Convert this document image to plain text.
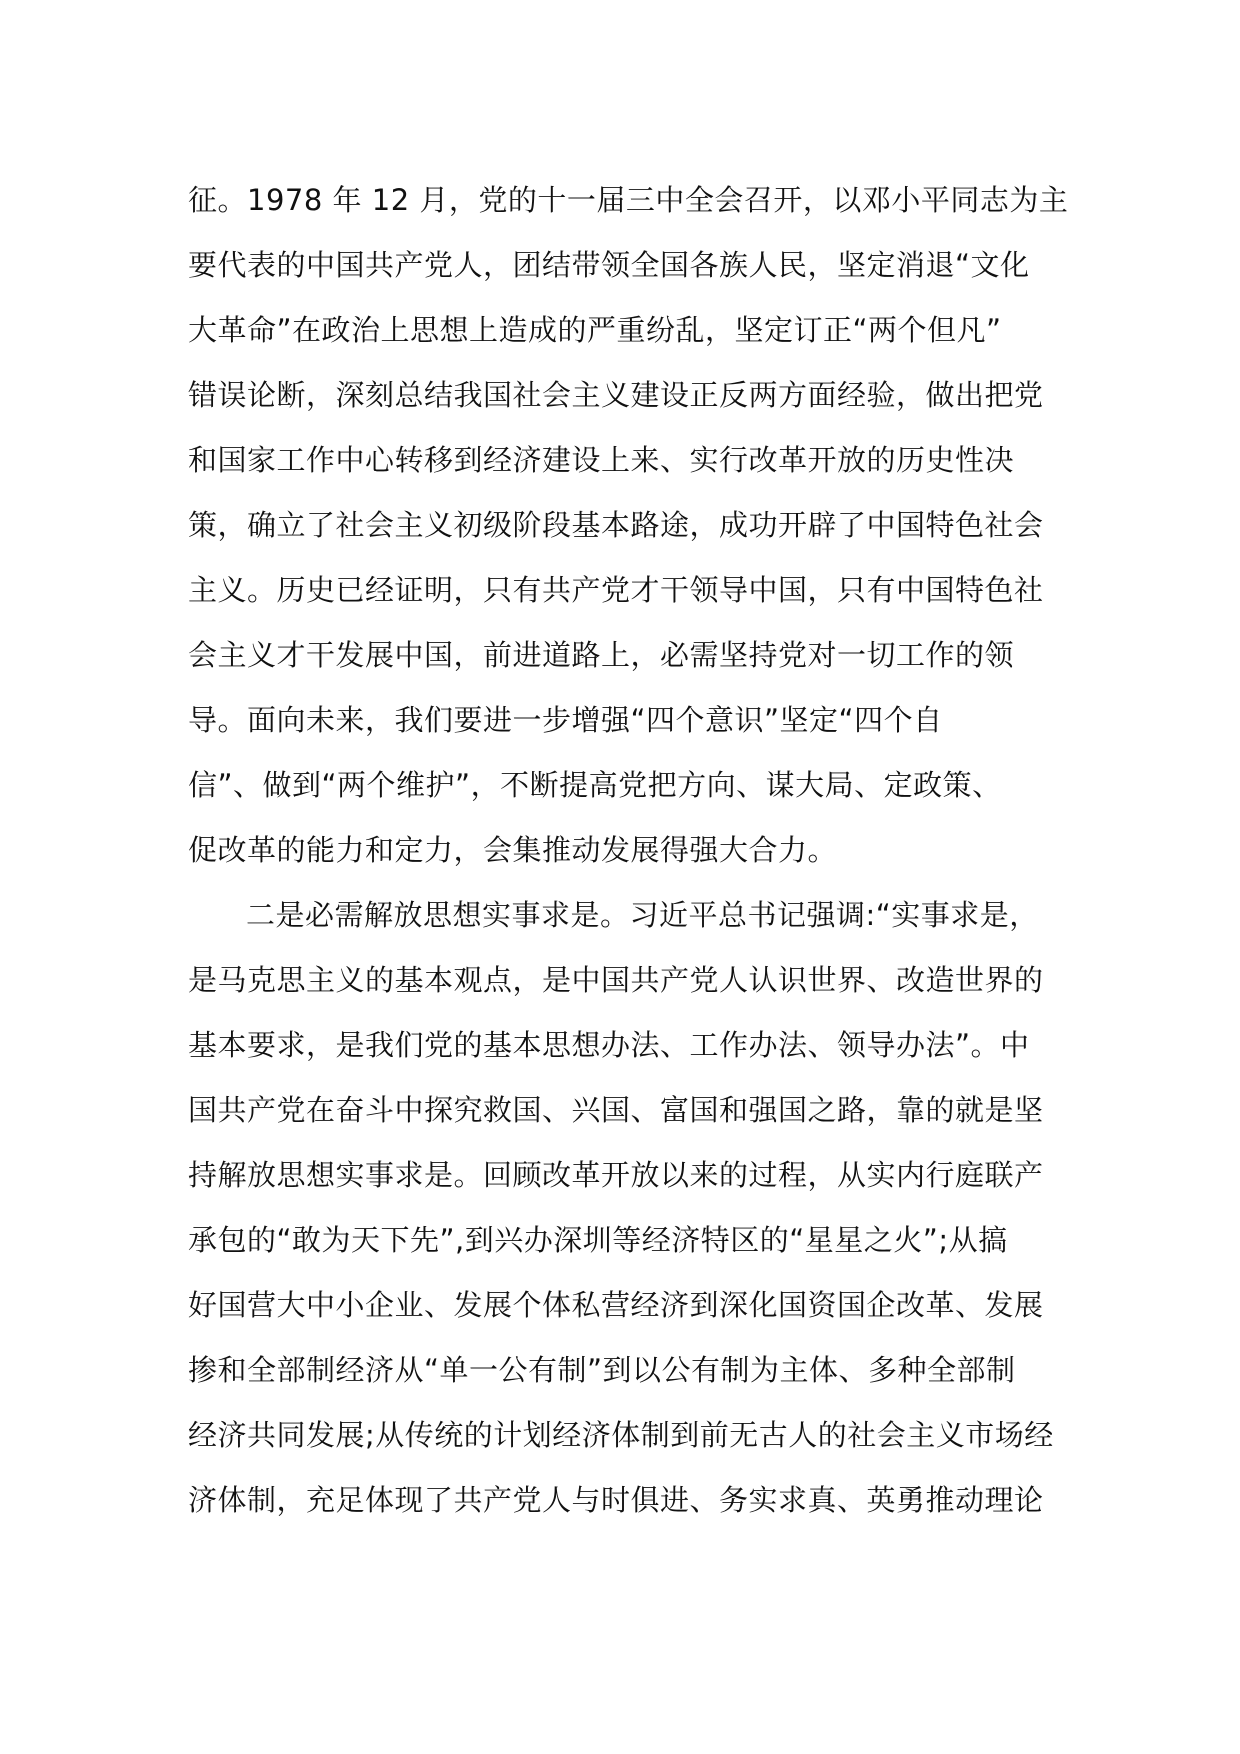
征。1978 年 12 月，党的十一届三中全会召开，以邓小平同志为主
要代表的中国共产党人，团结带领全国各族人民，坚定消退“文化
大革命”在政治上思想上造成的严重纷乱，坚定订正“两个但凡”
错误论断，深刻总结我国社会主义建设正反两方面经验，做出把党
和国家工作中心转移到经济建设上来、实行改革开放的历史性决
策，确立了社会主义初级阶段基本路途，成功开辟了中国特色社会
主义。历史已经证明，只有共产党才干领导中国，只有中国特色社
会主义才干发展中国，前进道路上，必需坚持党对一切工作的领
导。面向未来，我们要进一步增强“四个意识”坚定“四个自
信”、做到“两个维护”，不断提高党把方向、谋大局、定政策、
促改革的能力和定力，会集推动发展得强大合力。
二是必需解放思想实事求是。习近平总书记强调:“实事求是，
是马克思主义的基本观点，是中国共产党人认识世界、改造世界的
基本要求，是我们党的基本思想办法、工作办法、领导办法”。中
国共产党在奋斗中探究救国、兴国、富国和强国之路，靠的就是坚
持解放思想实事求是。回顾改革开放以来的过程，从实内行庭联产
承包的“敢为天下先”,到兴办深圳等经济特区的“星星之火”;从搞
好国营大中小企业、发展个体私营经济到深化国资国企改革、发展
掺和全部制经济从“单一公有制”到以公有制为主体、多种全部制
经济共同发展;从传统的计划经济体制到前无古人的社会主义市场经
济体制，充足体现了共产党人与时俱进、务实求真、英勇推动理论
